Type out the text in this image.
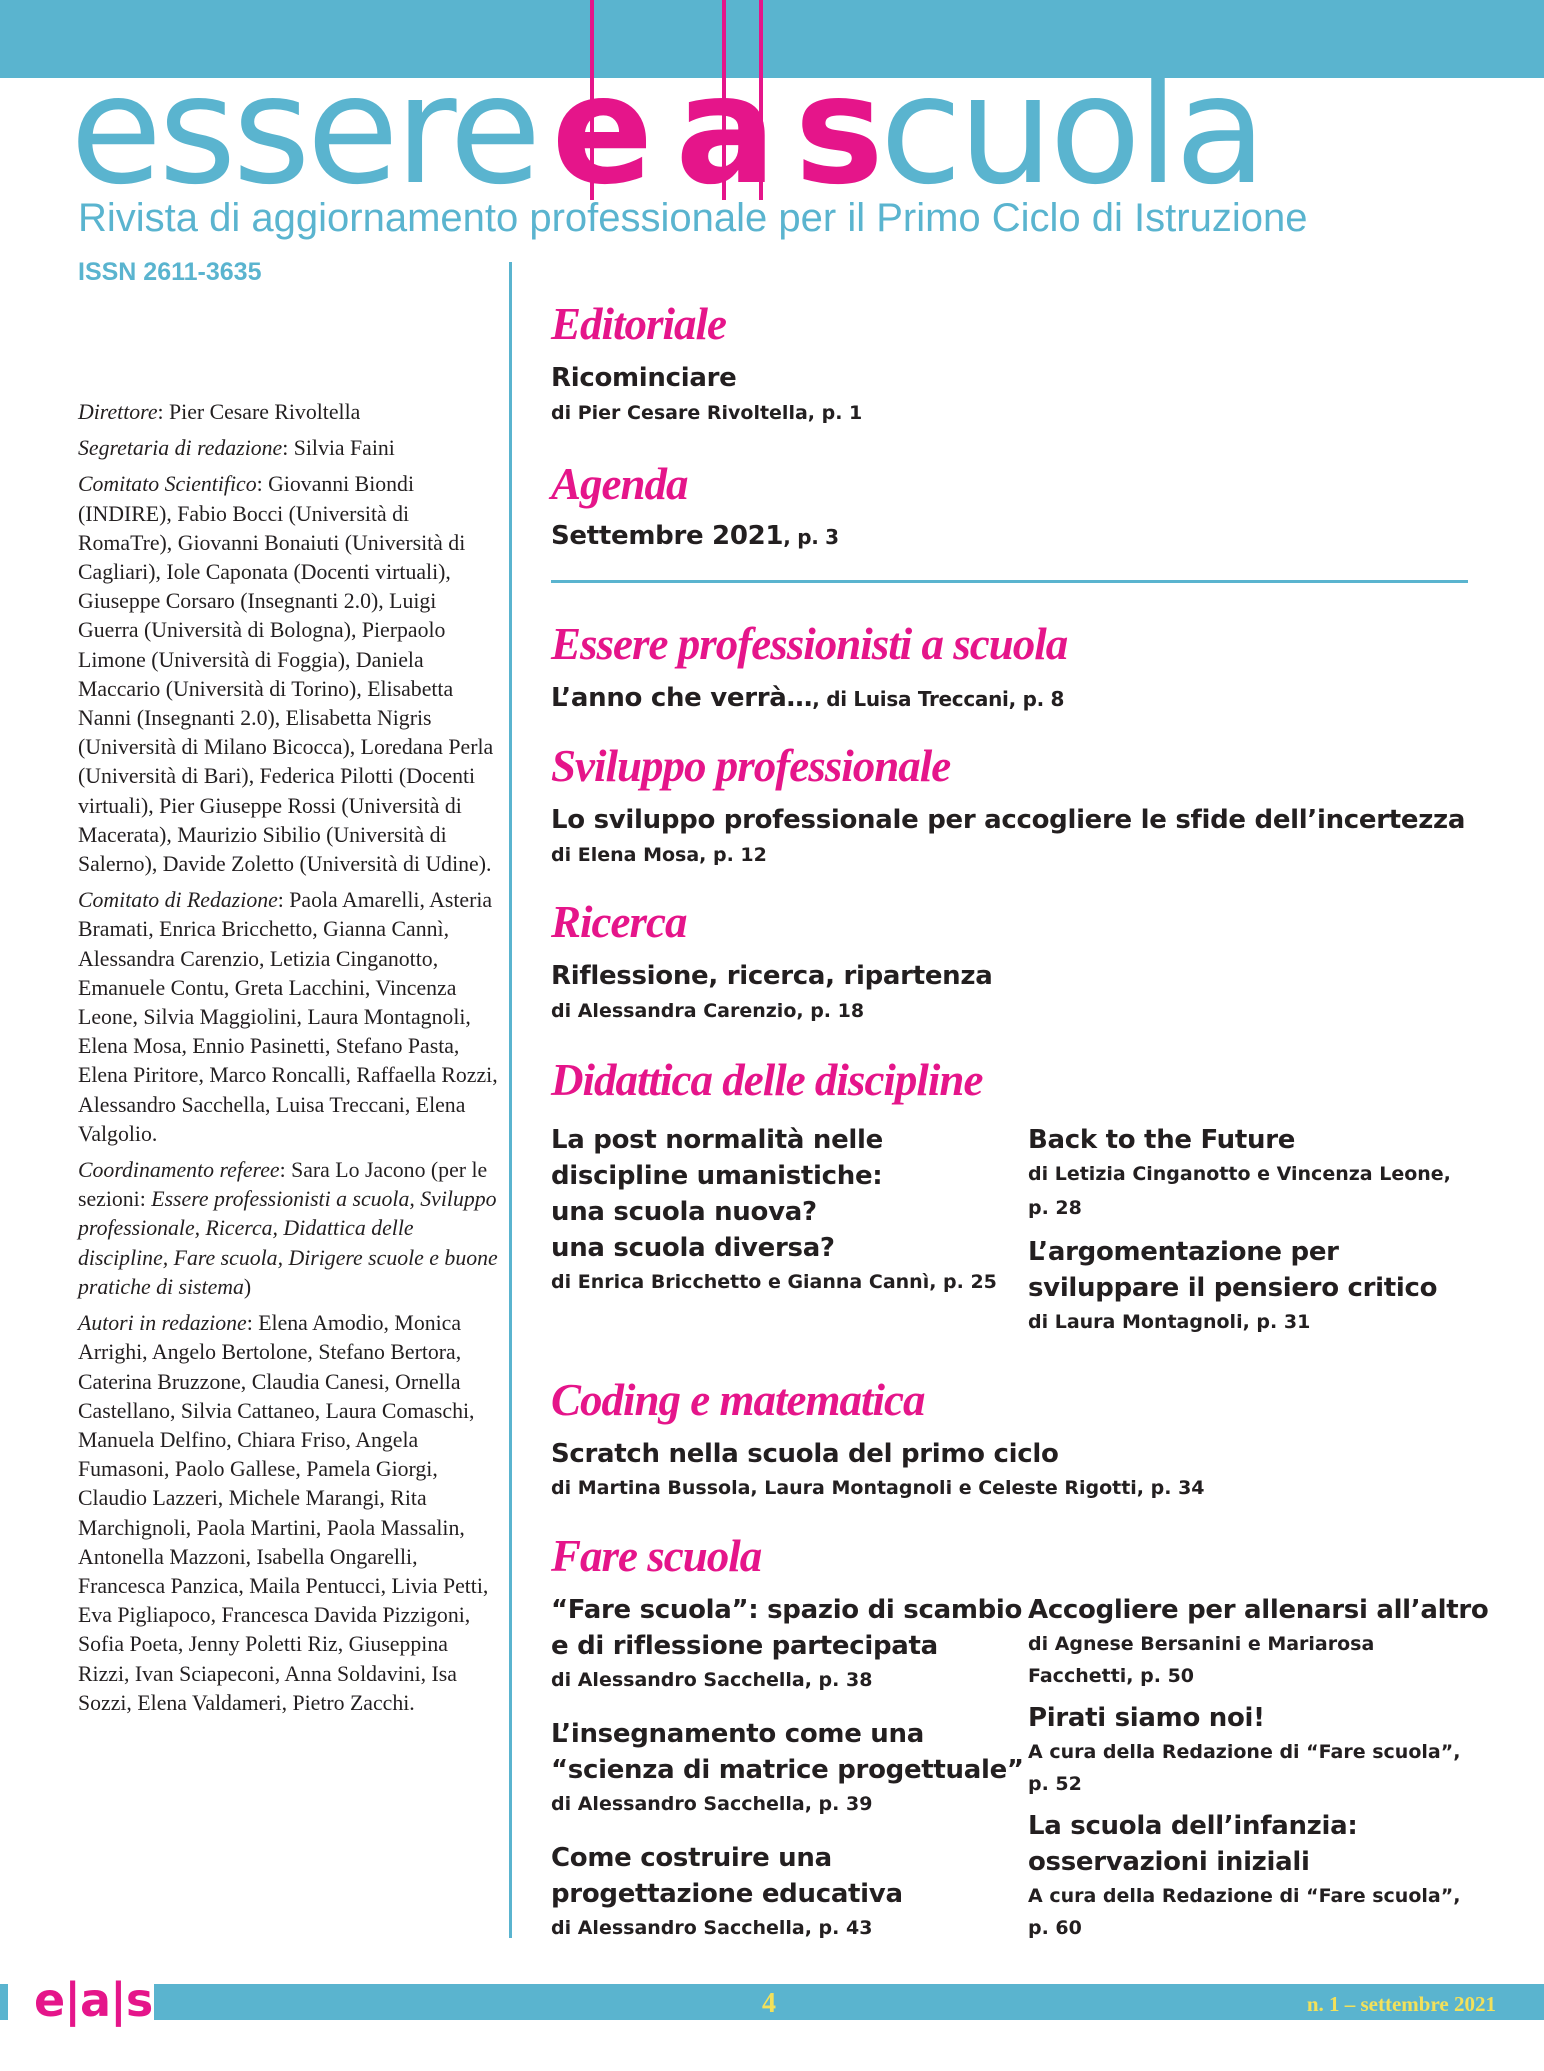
esseree a scuola
Rivista di aggiornamento professionale per il Primo Ciclo di Istruzione
ISSN 2611-3635

Direttore: Pier Cesare Rivoltella

Segretaria di redazione: Silvia Faini

Comitato Scientifico: Giovanni Biondi (INDIRE), Fabio Bocci (Università di RomaTre), Giovanni Bonaiuti (Università di Cagliari), Iole Caponata (Docenti virtuali), Giuseppe Corsaro (Insegnanti 2.0), Luigi Guerra (Università di Bologna), Pierpaolo Limone (Università di Foggia), Daniela Maccario (Università di Torino), Elisabetta Nanni (Insegnanti 2.0), Elisabetta Nigris (Università di Milano Bicocca), Loredana Perla (Università di Bari), Federica Pilotti (Docenti virtuali), Pier Giuseppe Rossi (Università di Macerata), Maurizio Sibilio (Università di Salerno), Davide Zoletto (Università di Udine).

Comitato di Redazione: Paola Amarelli, Asteria Bramati, Enrica Bricchetto, Gianna Cannì, Alessandra Carenzio, Letizia Cinganotto, Emanuele Contu, Greta Lacchini, Vincenza Leone, Silvia Maggiolini, Laura Montagnoli, Elena Mosa, Ennio Pasinetti, Stefano Pasta, Elena Piritore, Marco Roncalli, Raffaella Rozzi, Alessandro Sacchella, Luisa Treccani, Elena Valgolio.

Coordinamento referee: Sara Lo Jacono (per le sezioni: Essere professionisti a scuola, Sviluppo professionale, Ricerca, Didattica delle discipline, Fare scuola, Dirigere scuole e buone pratiche di sistema)

Autori in redazione: Elena Amodio, Monica Arrighi, Angelo Bertolone, Stefano Bertora, Caterina Bruzzone, Claudia Canesi, Ornella Castellano, Silvia Cattaneo, Laura Comaschi, Manuela Delfino, Chiara Friso, Angela Fumasoni, Paolo Gallese, Pamela Giorgi, Claudio Lazzeri, Michele Marangi, Rita Marchignoli, Paola Martini, Paola Massalin, Antonella Mazzoni, Isabella Ongarelli, Francesca Panzica, Maila Pentucci, Livia Petti, Eva Pigliapoco, Francesca Davida Pizzigoni, Sofia Poeta, Jenny Poletti Riz, Giuseppina Rizzi, Ivan Sciapeconi, Anna Soldavini, Isa Sozzi, Elena Valdameri, Pietro Zacchi.

Editoriale
Ricominciare
di Pier Cesare Rivoltella, p. 1
Agenda
Settembre 2021, p. 3
Essere professionisti a scuola
L’anno che verrà…, di Luisa Treccani, p. 8
Sviluppo professionale
Lo sviluppo professionale per accogliere le sfide dell’incertezza
di Elena Mosa, p. 12
Ricerca
Riflessione, ricerca, ripartenza
di Alessandra Carenzio, p. 18
Didattica delle discipline
La post normalità nelle
discipline umanistiche:
una scuola nuova?
una scuola diversa?
di Enrica Bricchetto e Gianna Cannì, p. 25
Back to the Future
di Letizia Cinganotto e Vincenza Leone,
p. 28
L’argomentazione per
sviluppare il pensiero critico
di Laura Montagnoli, p. 31
Coding e matematica
Scratch nella scuola del primo ciclo
di Martina Bussola, Laura Montagnoli e Celeste Rigotti, p. 34
Fare scuola
“Fare scuola”: spazio di scambio
e di riflessione partecipata
di Alessandro Sacchella, p. 38
L’insegnamento come una
“scienza di matrice progettuale”
di Alessandro Sacchella, p. 39
Come costruire una
progettazione educativa
di Alessandro Sacchella, p. 43
Accogliere per allenarsi all’altro
di Agnese Bersanini e Mariarosa
Facchetti, p. 50
Pirati siamo noi!
A cura della Redazione di “Fare scuola”,
p. 52
La scuola dell’infanzia:
osservazioni iniziali
A cura della Redazione di “Fare scuola”,
p. 60
e|a|s	4	n. 1 – settembre 2021
